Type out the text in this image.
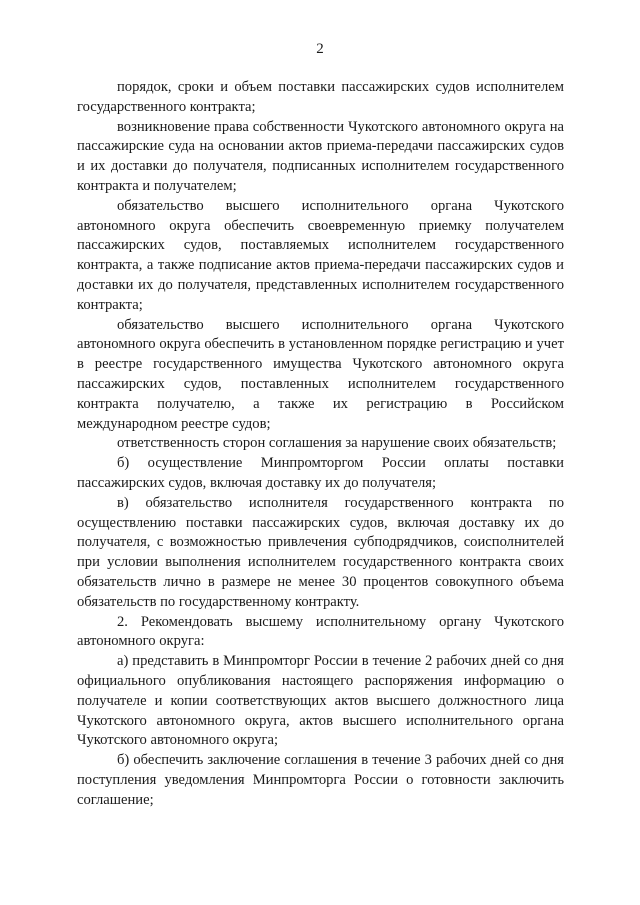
2

порядок, сроки и объем поставки пассажирских судов исполнителем государственного контракта;

возникновение права собственности Чукотского автономного округа на пассажирские суда на основании актов приема-передачи пассажирских судов и их доставки до получателя, подписанных исполнителем государственного контракта и получателем;

обязательство высшего исполнительного органа Чукотского автономного округа обеспечить своевременную приемку получателем пассажирских судов, поставляемых исполнителем государственного контракта, а также подписание актов приема-передачи пассажирских судов и доставки их до получателя, представленных исполнителем государственного контракта;

обязательство высшего исполнительного органа Чукотского автономного округа обеспечить в установленном порядке регистрацию и учет в реестре государственного имущества Чукотского автономного округа пассажирских судов, поставленных исполнителем государственного контракта получателю, а также их регистрацию в Российском международном реестре судов;

ответственность сторон соглашения за нарушение своих обязательств;

б) осуществление Минпромторгом России оплаты поставки пассажирских судов, включая доставку их до получателя;

в) обязательство исполнителя государственного контракта по осуществлению поставки пассажирских судов, включая доставку их до получателя, с возможностью привлечения субподрядчиков, соисполнителей при условии выполнения исполнителем государственного контракта своих обязательств лично в размере не менее 30 процентов совокупного объема обязательств по государственному контракту.

2. Рекомендовать высшему исполнительному органу Чукотского автономного округа:

а) представить в Минпромторг России в течение 2 рабочих дней со дня официального опубликования настоящего распоряжения информацию о получателе и копии соответствующих актов высшего должностного лица Чукотского автономного округа, актов высшего исполнительного органа Чукотского автономного округа;

б) обеспечить заключение соглашения в течение 3 рабочих дней со дня поступления уведомления Минпромторга России о готовности заключить соглашение;
